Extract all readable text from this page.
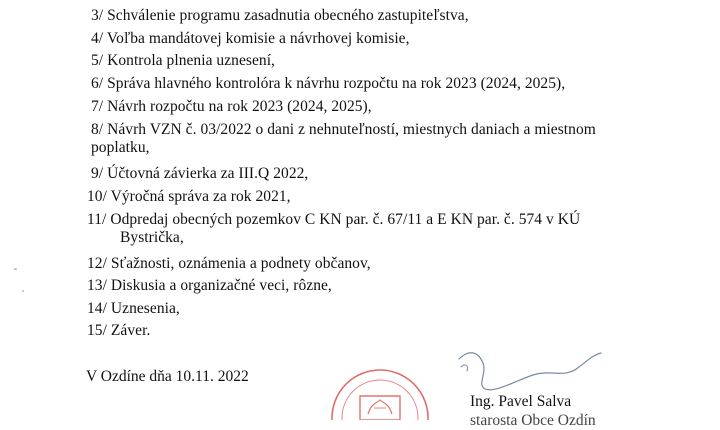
3/ Schválenie programu zasadnutia obecného zastupiteľstva,
4/ Voľba mandátovej komisie a návrhovej komisie,
5/ Kontrola plnenia uznesení,
6/ Správa hlavného kontrolóra k návrhu rozpočtu na rok 2023 (2024, 2025),
7/ Návrh rozpočtu na rok 2023 (2024, 2025),
8/ Návrh VZN č. 03/2022 o dani z nehnuteľností, miestnych daniach a miestnom
poplatku,
9/ Účtovná závierka za III.Q 2022,
10/ Výročná správa za rok 2021,
11/ Odpredaj obecných pozemkov C KN par. č. 67/11 a E KN par. č. 574 v KÚ
Bystrička,
12/ Sťažnosti, oznámenia a podnety občanov,
13/ Diskusia a organizačné veci, rôzne,
14/ Uznesenia,
15/ Záver.
V Ozdíne dňa 10.11. 2022
Ing. Pavel Salva
starosta Obce Ozdín
